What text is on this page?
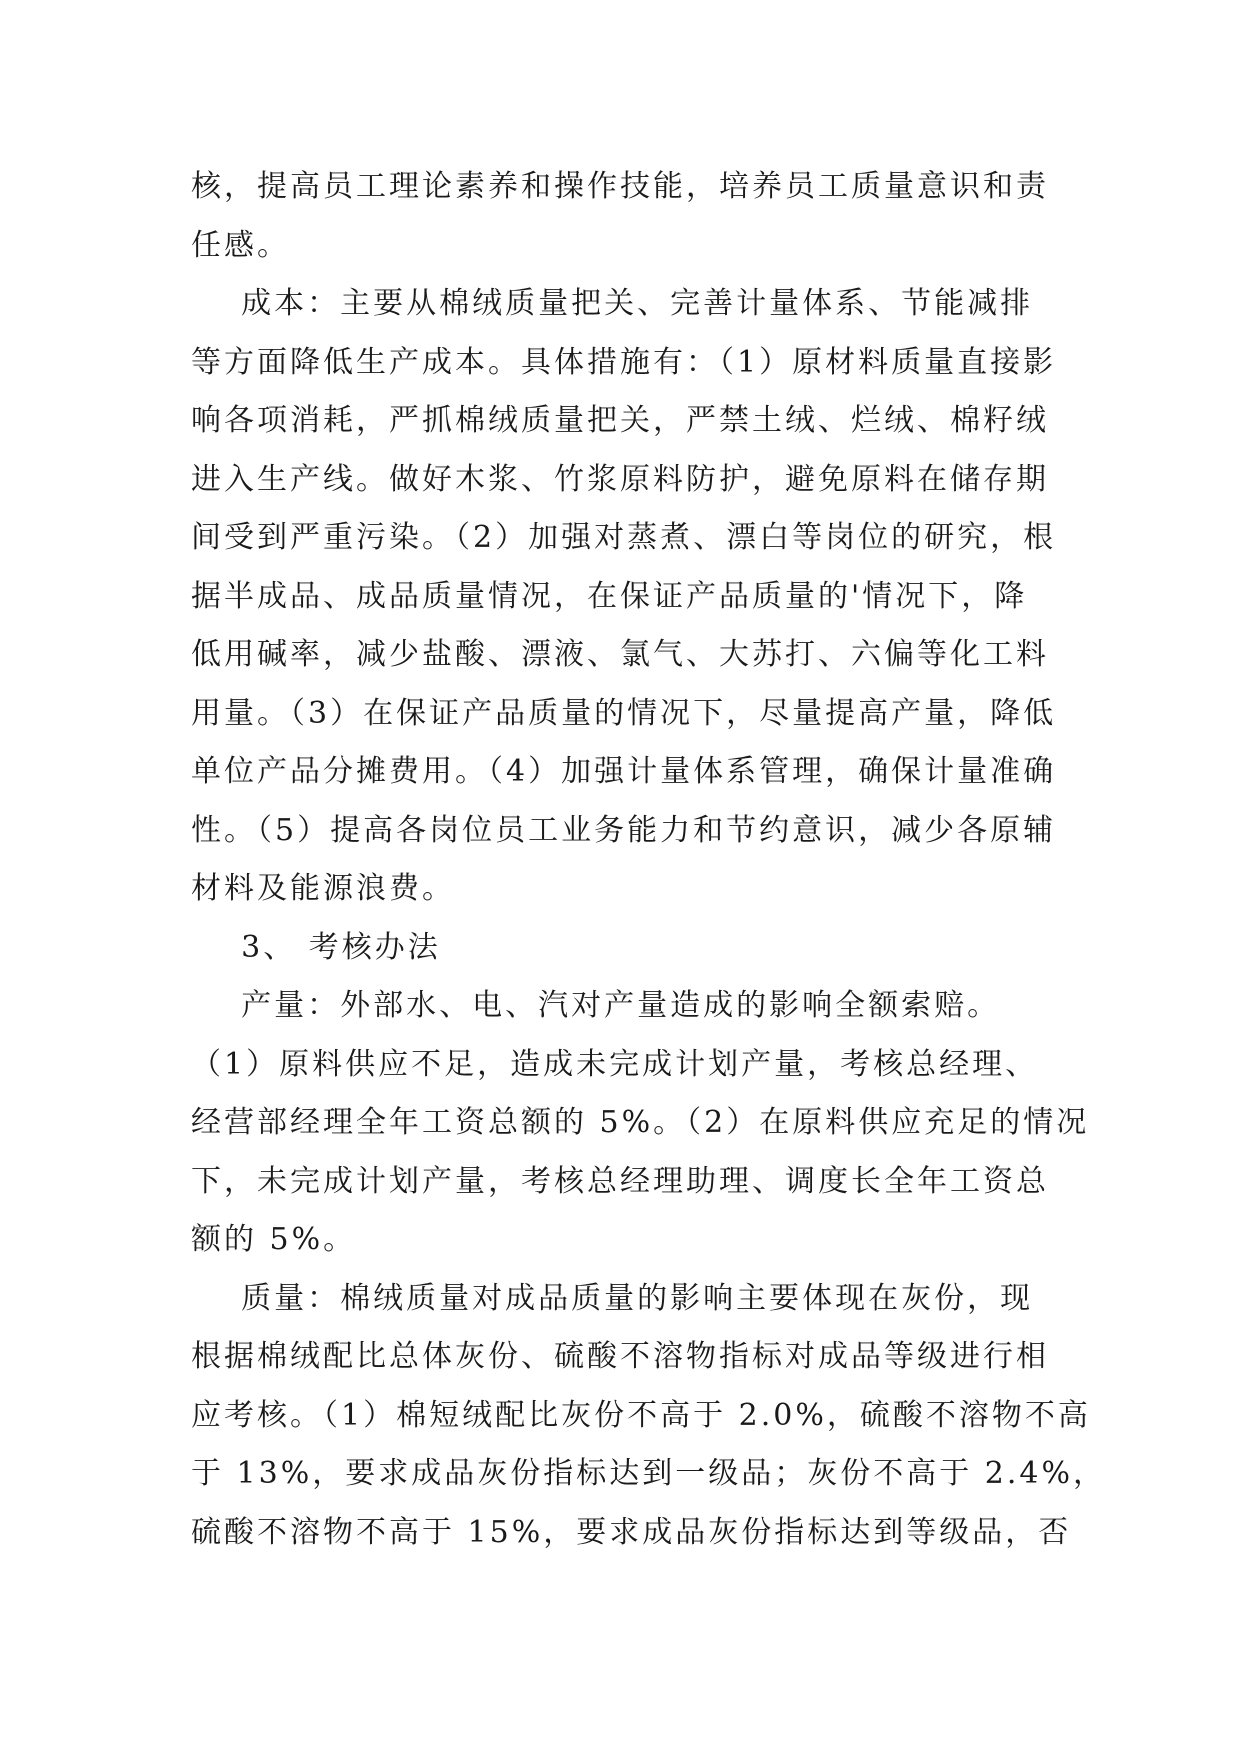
核，提高员工理论素养和操作技能，培养员工质量意识和责
任感。
成本：主要从棉绒质量把关、完善计量体系、节能减排
等方面降低生产成本。具体措施有：（1）原材料质量直接影
响各项消耗，严抓棉绒质量把关，严禁土绒、烂绒、棉籽绒
进入生产线。做好木浆、竹浆原料防护，避免原料在储存期
间受到严重污染。（2）加强对蒸煮、漂白等岗位的研究，根
据半成品、成品质量情况，在保证产品质量的'情况下，降
低用碱率，减少盐酸、漂液、氯气、大苏打、六偏等化工料
用量。（3）在保证产品质量的情况下，尽量提高产量，降低
单位产品分摊费用。（4）加强计量体系管理，确保计量准确
性。（5）提高各岗位员工业务能力和节约意识，减少各原辅
材料及能源浪费。
3、 考核办法
产量：外部水、电、汽对产量造成的影响全额索赔。
（1）原料供应不足，造成未完成计划产量，考核总经理、
经营部经理全年工资总额的 5%。（2）在原料供应充足的情况
下，未完成计划产量，考核总经理助理、调度长全年工资总
额的 5%。
质量：棉绒质量对成品质量的影响主要体现在灰份，现
根据棉绒配比总体灰份、硫酸不溶物指标对成品等级进行相
应考核。（1）棉短绒配比灰份不高于 2.0%，硫酸不溶物不高
于 13%，要求成品灰份指标达到一级品；灰份不高于 2.4%，
硫酸不溶物不高于 15%，要求成品灰份指标达到等级品，否
